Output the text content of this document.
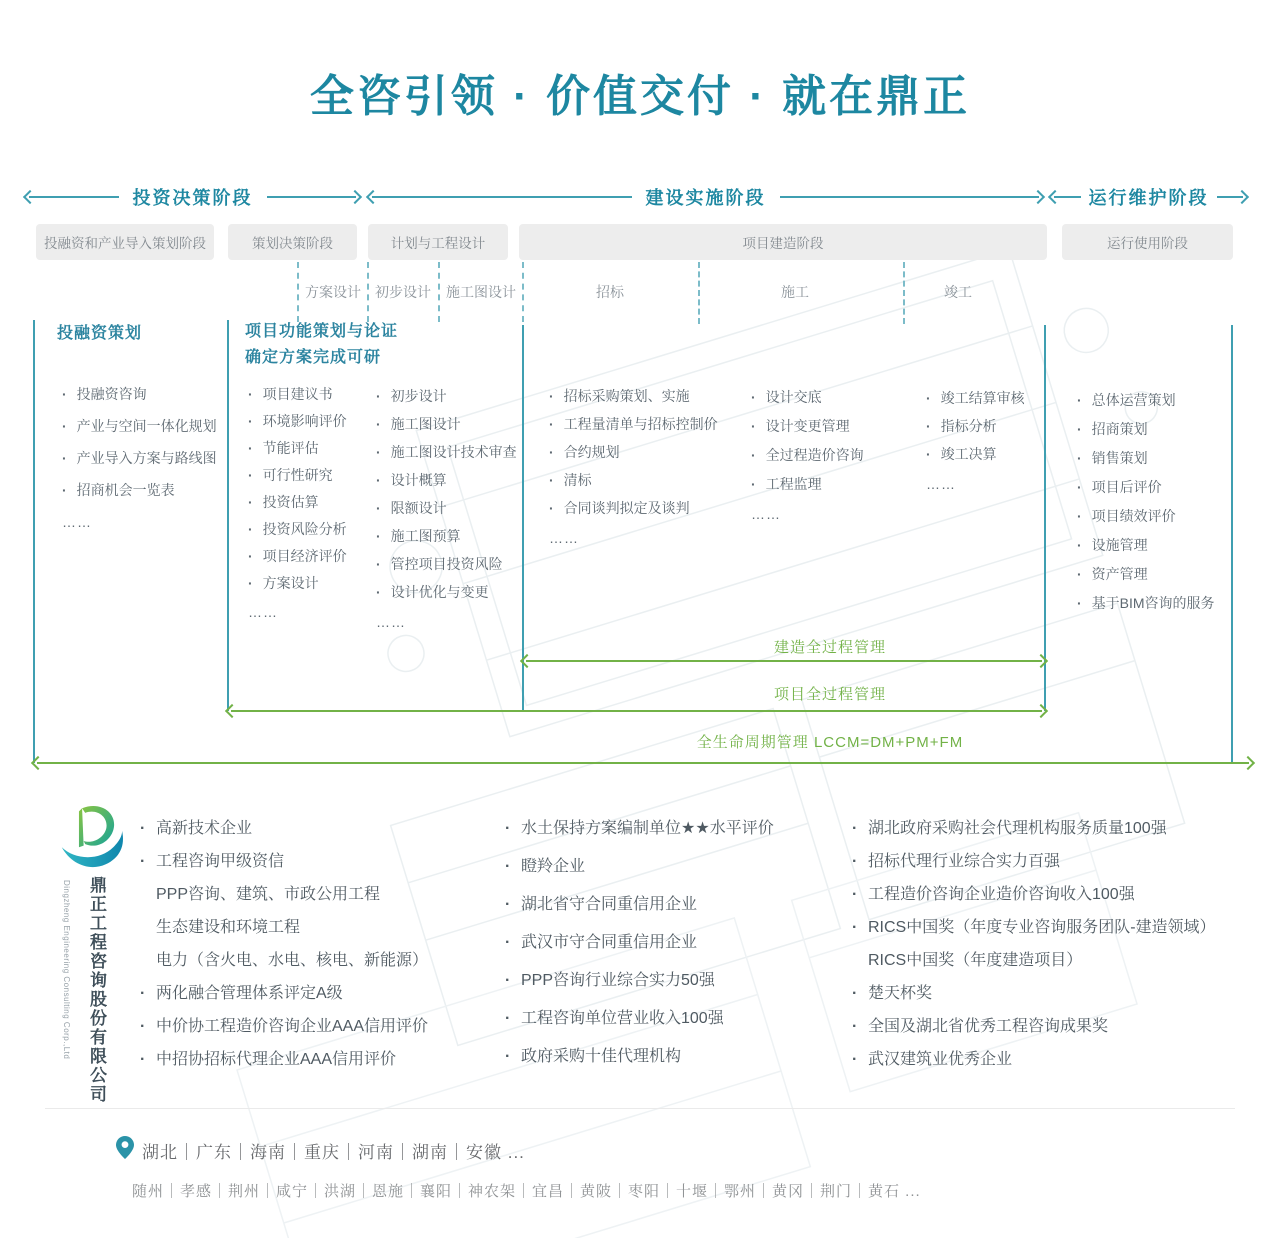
全咨引领 · 价值交付 · 就在鼎正
投资决策阶段	建设实施阶段	运行维护阶段
投融资和产业导入策划阶段	策划决策阶段	计划与工程设计	项目建造阶段	运行使用阶段
方案设计 初步设计 施工图设计	招标	施工	竣工
投融资策划	项目功能策划与论证
确定方案完成可研
· 投融资咨询
· 产业与空间一体化规划
· 产业导入方案与路线图
· 招商机会一览表
……
· 项目建议书
· 环境影响评价
· 节能评估
· 可行性研究
· 投资估算
· 投资风险分析
· 项目经济评价
· 方案设计
……
· 初步设计
· 施工图设计
· 施工图设计技术审查
· 设计概算
· 限额设计
· 施工图预算
· 管控项目投资风险
· 设计优化与变更
……
· 招标采购策划、实施
· 工程量清单与招标控制价
· 合约规划
· 清标
· 合同谈判拟定及谈判
……
· 设计交底
· 设计变更管理
· 全过程造价咨询
· 工程监理
……
· 竣工结算审核
· 指标分析
· 竣工决算
……
· 总体运营策划
· 招商策划
· 销售策划
· 项目后评价
· 项目绩效评价
· 设施管理
· 资产管理
· 基于BIM咨询的服务
建造全过程管理
项目全过程管理
全生命周期管理 LCCM=DM+PM+FM
Dingzheng Engineering Consulting Corp.,Ltd 鼎正工程咨询股份有限公司
· 高新技术企业
· 工程咨询甲级资信
PPP咨询、建筑、市政公用工程
生态建设和环境工程
电力（含火电、水电、核电、新能源）
· 两化融合管理体系评定A级
· 中价协工程造价咨询企业AAA信用评价
· 中招协招标代理企业AAA信用评价
· 水土保持方案编制单位★★水平评价
· 瞪羚企业
· 湖北省守合同重信用企业
· 武汉市守合同重信用企业
· PPP咨询行业综合实力50强
· 工程咨询单位营业收入100强
· 政府采购十佳代理机构
· 湖北政府采购社会代理机构服务质量100强
· 招标代理行业综合实力百强
· 工程造价咨询企业造价咨询收入100强
· RICS中国奖（年度专业咨询服务团队-建造领域）
RICS中国奖（年度建造项目）
· 楚天杯奖
· 全国及湖北省优秀工程咨询成果奖
· 武汉建筑业优秀企业
湖北｜广东｜海南｜重庆｜河南｜湖南｜安徽 ...
随州｜孝感｜荆州｜咸宁｜洪湖｜恩施｜襄阳｜神农架｜宜昌｜黄陂｜枣阳｜十堰｜鄂州｜黄冈｜荆门｜黄石 ...
